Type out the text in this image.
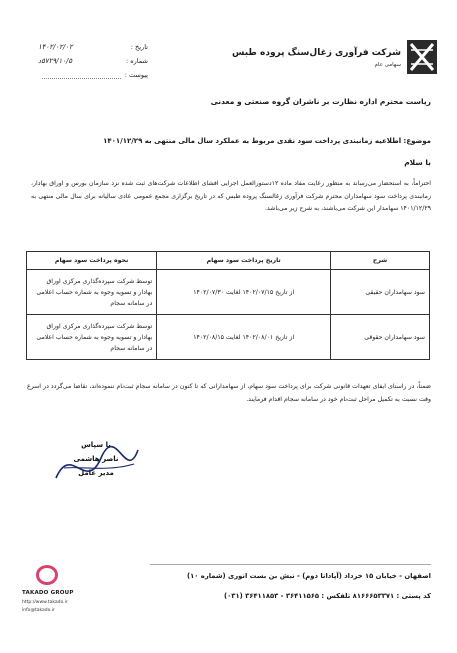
شرکت فرآوری زغال‌سنگ پروده طبس
سهامی عام
تاریخ :
۱۴۰۲/۰۲/۰۲
شماره :
۵۷۲۹/۱۰/۵د
پیوست :
ریاست محترم اداره نظارت بر ناشران گروه صنعتی و معدنی
موضوع: اطلاعیه زمانبندی پرداخت سود نقدی مربوط به عملکرد سال مالی منتهی به ۱۴۰۱/۱۲/۲۹
با سلام
احتراماً، به استحضار می‌رساند به منظور رعایت مفاد ماده ۱۲دستورالعمل اجرایی افشای اطلاعات شرکت‌های ثبت شده نزد سازمان بورس و اوراق بهادار، زمانبندی پرداخت سود سهامداران محترم شرکت فرآوری زغالسنگ پروده طبس که در تاریخ برگزاری مجمع عمومی عادی سالیانه برای سال مالی منتهی به ۱۴۰۱/۱۲/۲۹ سهامدار این شرکت می‌باشند، به شرح زیر می‌باشد.
شرح	تاریخ پرداخت سود سهام	نحوه پرداخت سود سهام
سود سهامداران حقیقی	از تاریخ ۱۴۰۲/۰۷/۱۵ لغایت ۱۴۰۲/۰۷/۳۰	توسط شرکت سپرده‌گذاری مرکزی اوراق بهادار و تسویه وجوه به شماره حساب اعلامی در سامانه سجام
سود سهامداران حقوقی	از تاریخ ۱۴۰۲/۰۸/۰۱ لغایت ۱۴۰۲/۰۸/۱۵	توسط شرکت سپرده‌گذاری مرکزی اوراق بهادار و تسویه وجوه به شماره حساب اعلامی در سامانه سجام
ضمناً، در راستای ایفای تعهدات قانونی شرکت برای پرداخت سود سهام، از سهامدارانی که تا کنون در سامانه سجام ثبت‌نام ننموده‌اند، تقاضا می‌گردد در اسرع وقت نسبت به تکمیل مراحل ثبت‌نام خود در سامانه سجام اقدام فرمایند.
با سپاس
ناصر هاشمی
مدیر عامل
اصفهان - خیابان ۱۵ خرداد (آپادانا دوم) - نبش بن بست انوری (شماره ۱۰)
کد پستی : ۸۱۶۶۶۵۳۳۷۱ تلفکس : ۳۶۴۱۱۵۶۵ - ۳۶۴۱۱۸۵۳ (۰۳۱)
TAKADO GROUP
http://www.takado.ir
info@takado.ir
